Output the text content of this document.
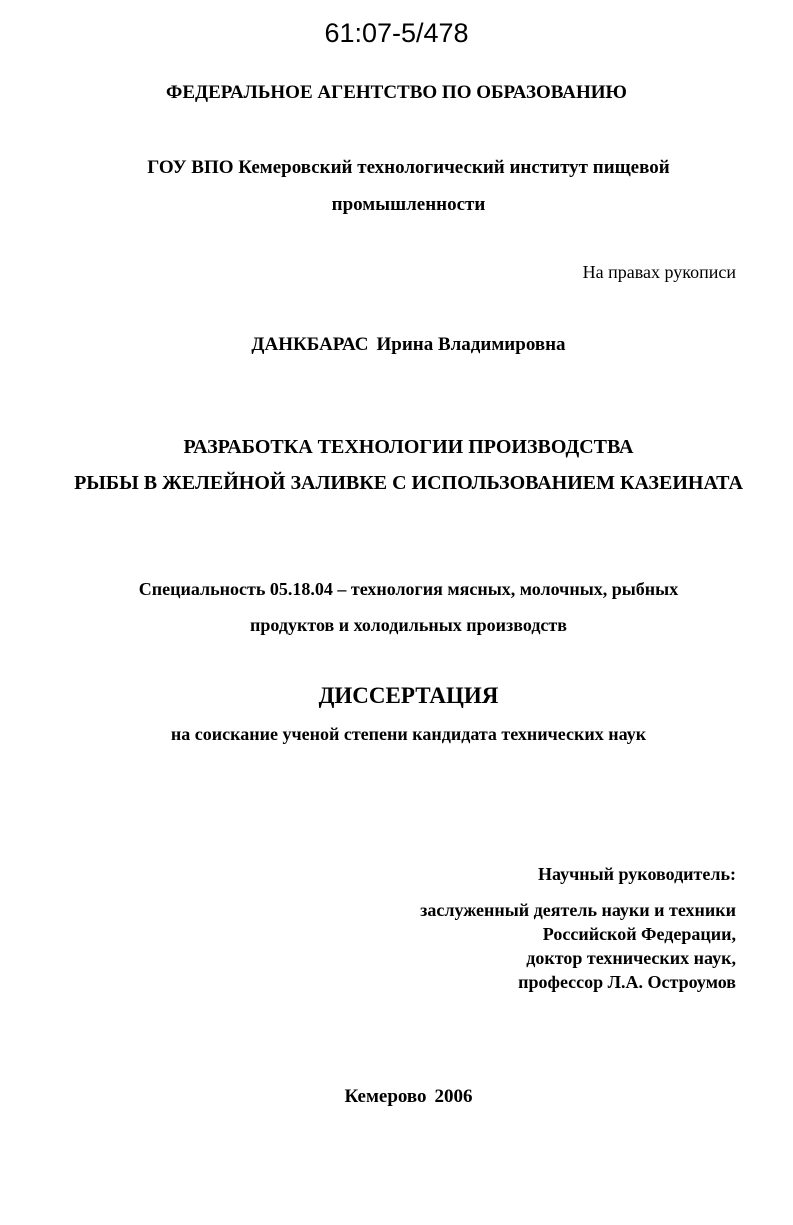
61:07-5/478
ФЕДЕРАЛЬНОЕ АГЕНТСТВО ПО ОБРАЗОВАНИЮ
ГОУ ВПО Кемеровский технологический институт пищевой
промышленности
На правах рукописи
ДАНКБАРАС Ирина Владимировна
РАЗРАБОТКА ТЕХНОЛОГИИ ПРОИЗВОДСТВА
РЫБЫ В ЖЕЛЕЙНОЙ ЗАЛИВКЕ С ИСПОЛЬЗОВАНИЕМ КАЗЕИНАТА
Специальность 05.18.04 – технология мясных, молочных, рыбных
продуктов и холодильных производств
ДИССЕРТАЦИЯ
на соискание ученой степени кандидата технических наук
Научный руководитель:
заслуженный деятель науки и техники
Российской Федерации,
доктор технических наук,
профессор Л.А. Остроумов
Кемерово 2006
